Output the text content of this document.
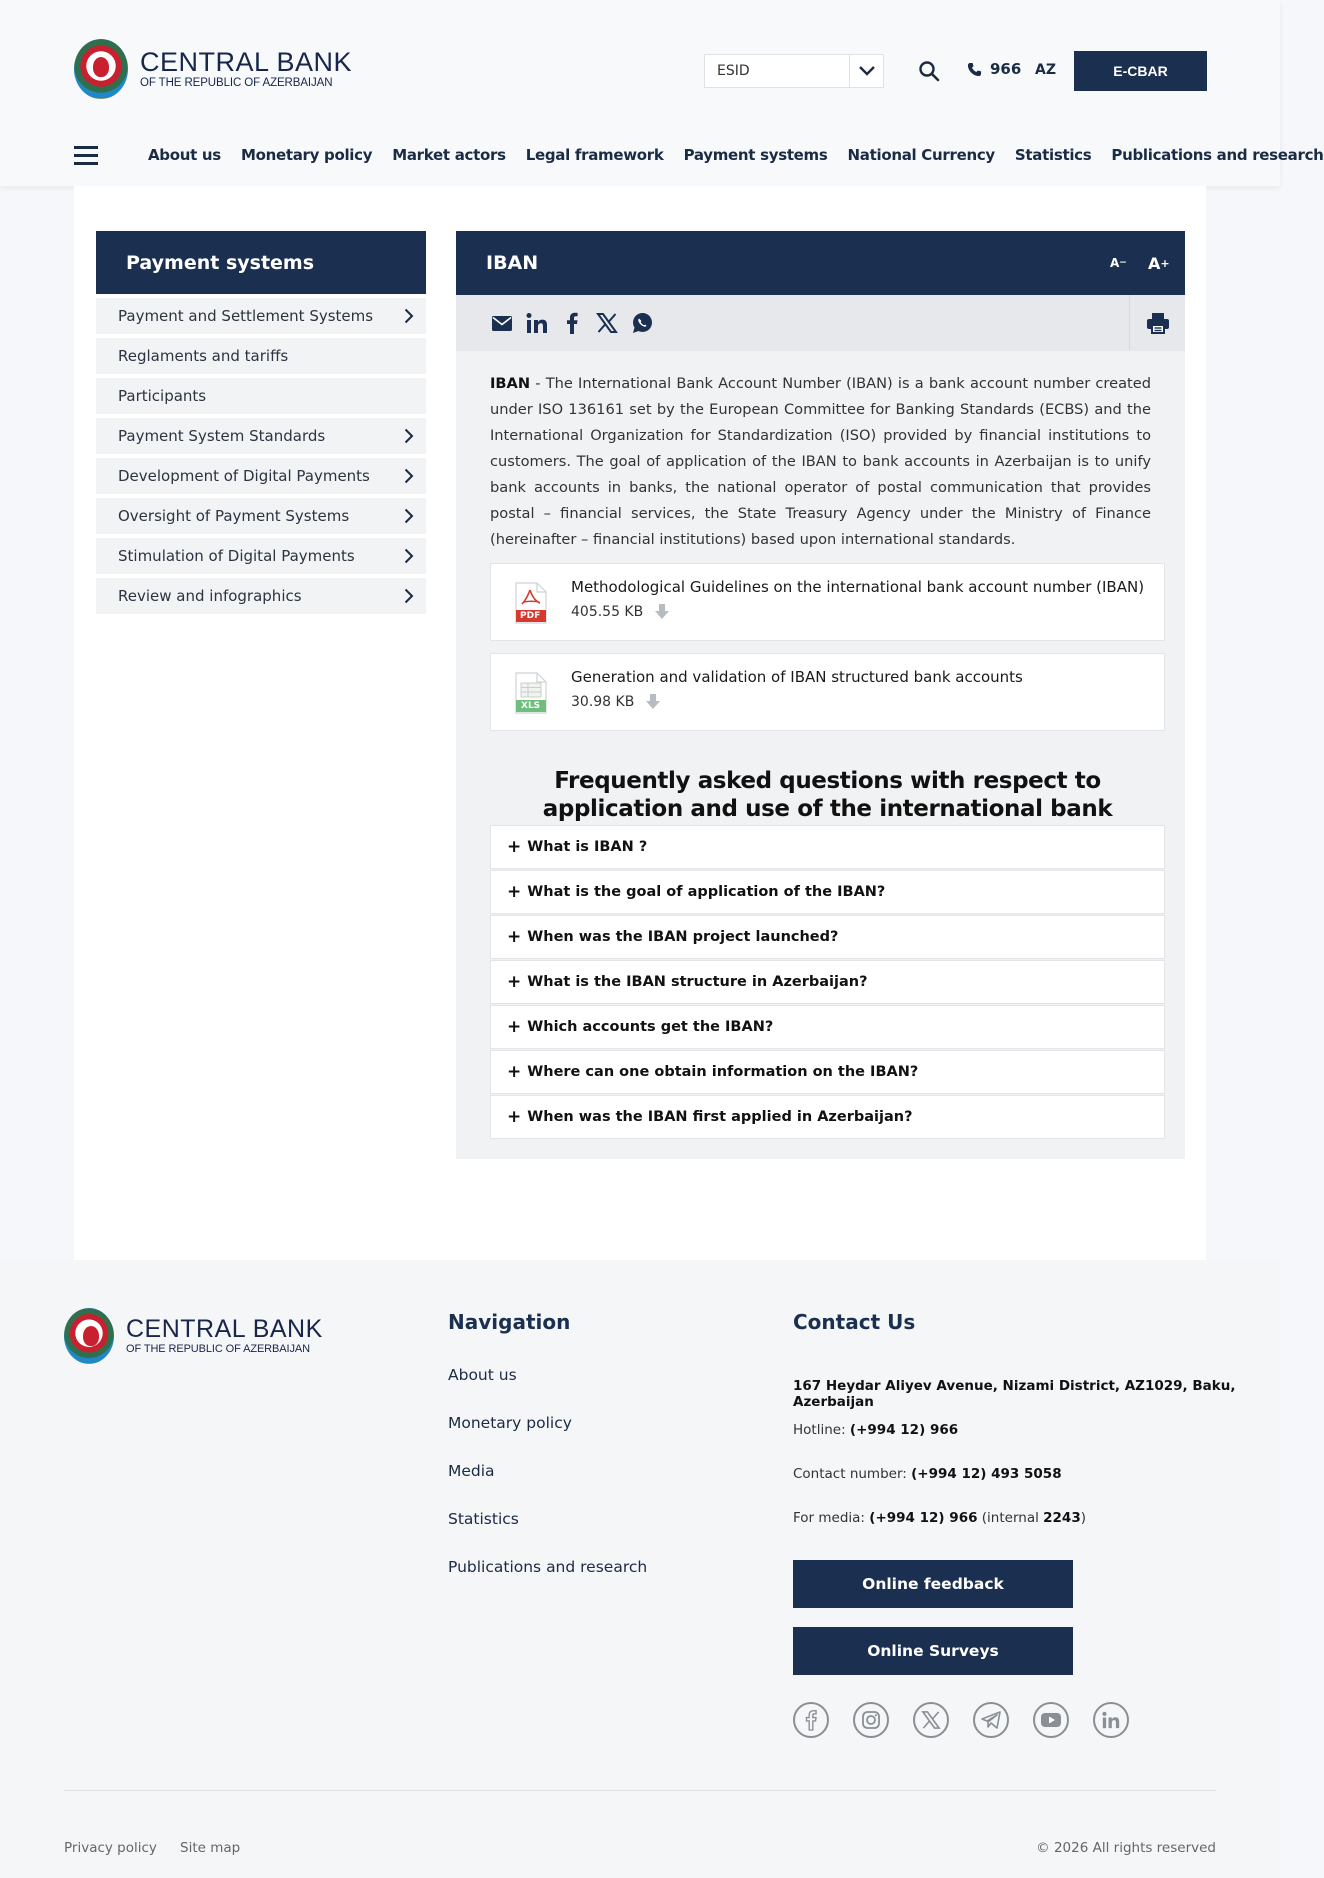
CENTRAL BANK
OF THE REPUBLIC OF AZERBAIJAN
ESID	966 AZ	E-CBAR
About us Monetary policy Market actors Legal framework Payment systems National Currency Statistics Publications and research
Payment systems
Payment and Settlement Systems
Reglaments and tariffs
Participants
Payment System Standards
Development of Digital Payments
Oversight of Payment Systems
Stimulation of Digital Payments
Review and infographics
IBAN	A − A +

IBAN - The International Bank Account Number (IBAN) is a bank account number created under ISO 136161 set by the European Committee for Banking Standards (ECBS) and the International Organization for Standardization (ISO) provided by financial institutions to customers. The goal of application of the IBAN to bank accounts in Azerbaijan is to unify bank accounts in banks, the national operator of postal communication that provides postal – financial services, the State Treasury Agency under the Ministry of Finance (hereinafter – financial institutions) based upon international standards.

PDF
Methodological Guidelines on the international bank account number (IBAN)
405.55 KB
XLS
Generation and validation of IBAN structured bank accounts
30.98 KB
Frequently asked questions with respect to application and use of the international bank
+ What is IBAN ?
+ What is the goal of application of the IBAN?
+ When was the IBAN project launched?
+ What is the IBAN structure in Azerbaijan?
+ Which accounts get the IBAN?
+ Where can one obtain information on the IBAN?
+ When was the IBAN first applied in Azerbaijan?
CENTRAL BANK
OF THE REPUBLIC OF AZERBAIJAN
Navigation
About us
Monetary policy
Media
Statistics
Publications and research
Contact Us
167 Heydar Aliyev Avenue, Nizami District, AZ1029, Baku, Azerbaijan
Hotline: (+994 12) 966
Contact number: (+994 12) 493 5058
For media: (+994 12) 966 (internal 2243)
Online feedback
Online Surveys
Privacy policy Site map	© 2026 All rights reserved
